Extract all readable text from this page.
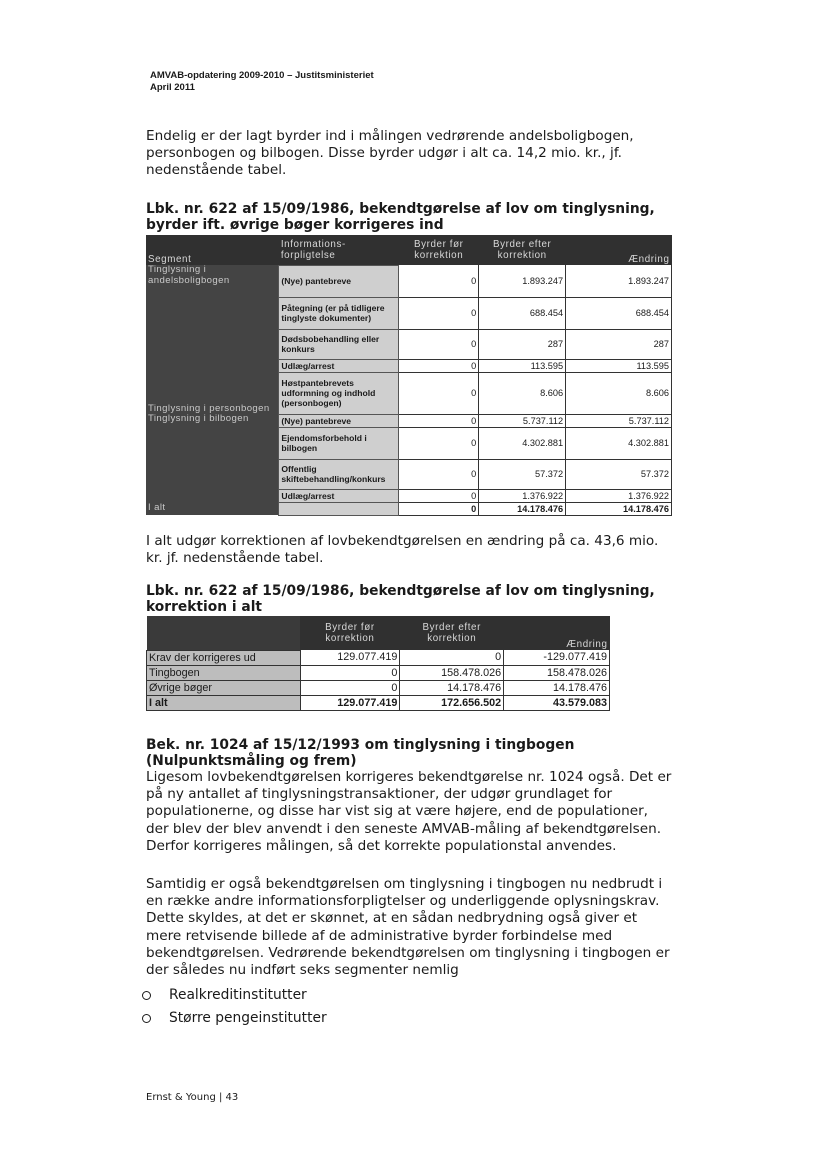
AMVAB-opdatering 2009-2010 – Justitsministeriet
April 2011

Endelig er der lagt byrder ind i målingen vedrørende andelsboligbogen, personbogen og bilbogen. Disse byrder udgør i alt ca. 14,2 mio. kr., jf. nedenstående tabel.

Lbk. nr. 622 af 15/09/1986, bekendtgørelse af lov om tinglysning, byrder ift. øvrige bøger korrigeres ind

Segment	Informations-forpligtelse	Byrder før korrektion	Byrder efter korrektion	Ændring
Tinglysning i andelsboligbogen	(Nye) pantebreve	0	1.893.247	1.893.247
	Påtegning (er på tidligere tinglyste dokumenter)	0	688.454	688.454
	Dødsbobehandling eller konkurs	0	287	287
	Udlæg/arrest	0	113.595	113.595
Tinglysning i personbogen	Høstpantebrevets udformning og indhold (personbogen)	0	8.606	8.606
Tinglysning i bilbogen	(Nye) pantebreve	0	5.737.112	5.737.112
	Ejendomsforbehold i bilbogen	0	4.302.881	4.302.881
	Offentlig skiftebehandling/konkurs	0	57.372	57.372
	Udlæg/arrest	0	1.376.922	1.376.922
I alt		0	14.178.476	14.178.476

I alt udgør korrektionen af lovbekendtgørelsen en ændring på ca. 43,6 mio. kr. jf. nedenstående tabel.

Lbk. nr. 622 af 15/09/1986, bekendtgørelse af lov om tinglysning, korrektion i alt

	Byrder før korrektion	Byrder efter korrektion	Ændring
Krav der korrigeres ud	129.077.419	0	-129.077.419
Tingbogen	0	158.478.026	158.478.026
Øvrige bøger	0	14.178.476	14.178.476
I alt	129.077.419	172.656.502	43.579.083

Bek. nr. 1024 af 15/12/1993 om tinglysning i tingbogen (Nulpunktsmåling og frem)

Ligesom lovbekendtgørelsen korrigeres bekendtgørelse nr. 1024 også. Det er på ny antallet af tinglysningstransaktioner, der udgør grundlaget for populationerne, og disse har vist sig at være højere, end de populationer, der blev der blev anvendt i den seneste AMVAB-måling af bekendtgørelsen. Derfor korrigeres målingen, så det korrekte populationstal anvendes.

Samtidig er også bekendtgørelsen om tinglysning i tingbogen nu nedbrudt i en række andre informationsforpligtelser og underliggende oplysningskrav. Dette skyldes, at det er skønnet, at en sådan nedbrydning også giver et mere retvisende billede af de administrative byrder forbindelse med bekendtgørelsen. Vedrørende bekendtgørelsen om tinglysning i tingbogen er der således nu indført seks segmenter nemlig

Realkreditinstitutter
Større pengeinstitutter
Ernst & Young | 43
